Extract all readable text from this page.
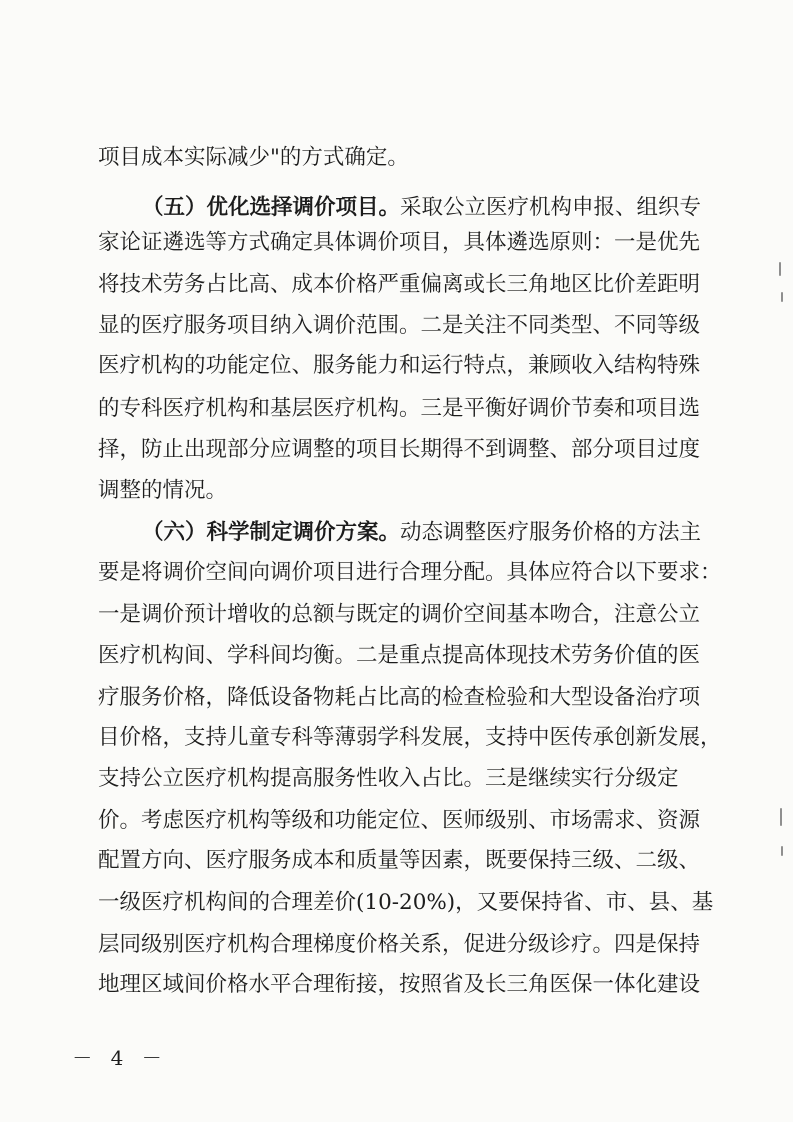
项目成本实际减少"的方式确定。
（五）优化选择调价项目。采取公立医疗机构申报、组织专
家论证遴选等方式确定具体调价项目，具体遴选原则：一是优先
将技术劳务占比高、成本价格严重偏离或长三角地区比价差距明
显的医疗服务项目纳入调价范围。二是关注不同类型、不同等级
医疗机构的功能定位、服务能力和运行特点，兼顾收入结构特殊
的专科医疗机构和基层医疗机构。三是平衡好调价节奏和项目选
择，防止出现部分应调整的项目长期得不到调整、部分项目过度
调整的情况。
（六）科学制定调价方案。动态调整医疗服务价格的方法主
要是将调价空间向调价项目进行合理分配。具体应符合以下要求：
一是调价预计增收的总额与既定的调价空间基本吻合，注意公立
医疗机构间、学科间均衡。二是重点提高体现技术劳务价值的医
疗服务价格，降低设备物耗占比高的检查检验和大型设备治疗项
目价格，支持儿童专科等薄弱学科发展，支持中医传承创新发展，
支持公立医疗机构提高服务性收入占比。三是继续实行分级定
价。考虑医疗机构等级和功能定位、医师级别、市场需求、资源
配置方向、医疗服务成本和质量等因素，既要保持三级、二级、
一级医疗机构间的合理差价(10-20%)，又要保持省、市、县、基
层同级别医疗机构合理梯度价格关系，促进分级诊疗。四是保持
地理区域间价格水平合理衔接，按照省及长三角医保一体化建设
－ 4 －
